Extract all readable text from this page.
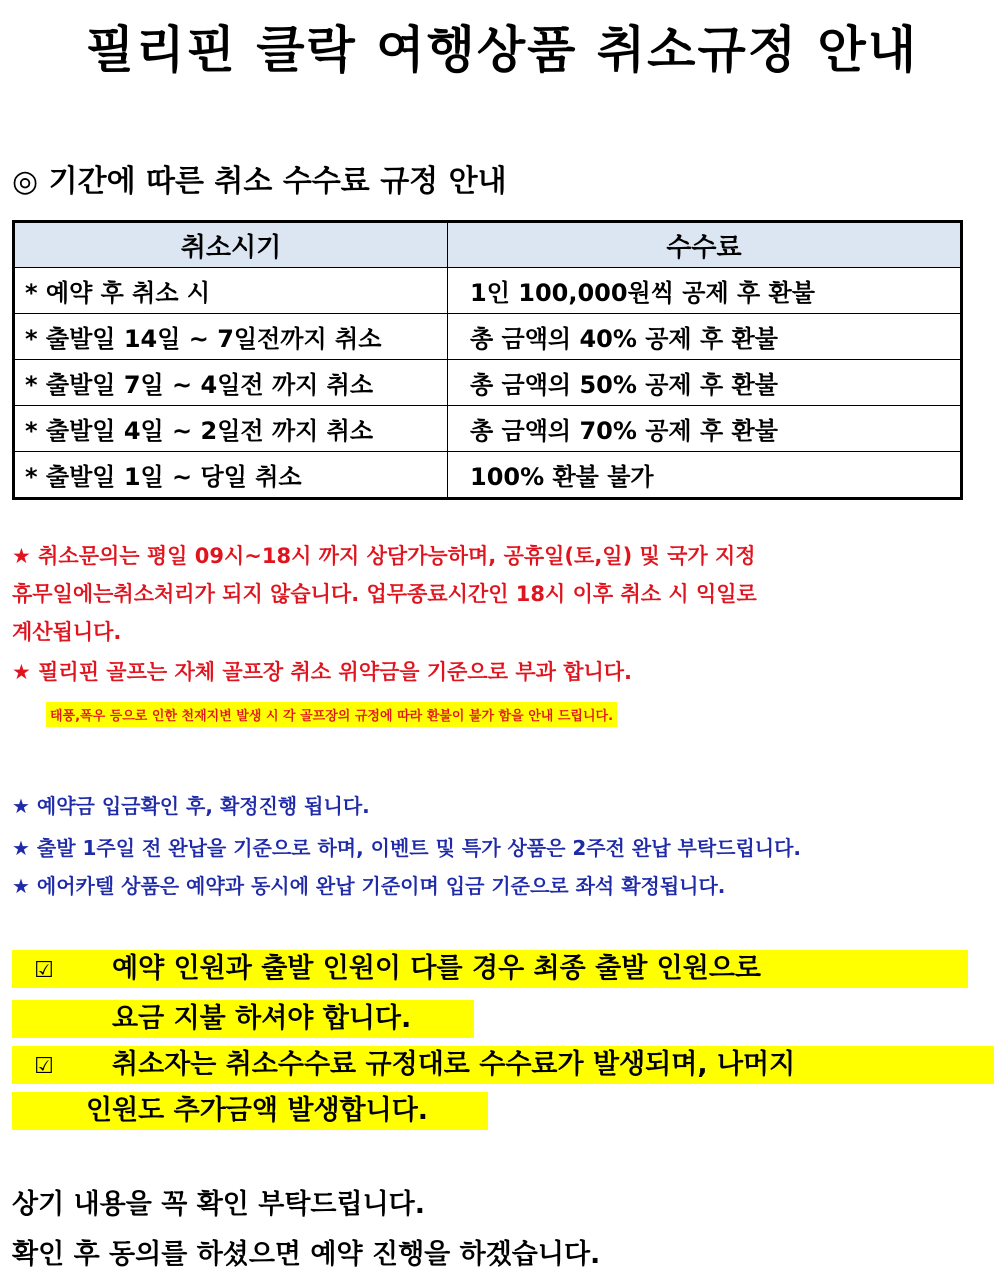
필리핀 클락 여행상품 취소규정 안내
◎ 기간에 따른 취소 수수료 규정 안내
취소시기	수수료
* 예약 후 취소 시	1인 100,000원씩 공제 후 환불
* 출발일 14일 ~ 7일전까지 취소	총 금액의 40% 공제 후 환불
* 출발일 7일 ~ 4일전 까지 취소	총 금액의 50% 공제 후 환불
* 출발일 4일 ~ 2일전 까지 취소	총 금액의 70% 공제 후 환불
* 출발일 1일 ~ 당일 취소	100% 환불 불가
★ 취소문의는 평일 09시~18시 까지 상담가능하며, 공휴일(토,일) 및 국가 지정
휴무일에는취소처리가 되지 않습니다. 업무종료시간인 18시 이후 취소 시 익일로
계산됩니다.
★ 필리핀 골프는 자체 골프장 취소 위약금을 기준으로 부과 합니다.
태풍,폭우 등으로 인한 천재지변 발생 시 각 골프장의 규정에 따라 환불이 불가 함을 안내 드립니다.
★ 예약금 입금확인 후, 확정진행 됩니다.
★ 출발 1주일 전 완납을 기준으로 하며, 이벤트 및 특가 상품은 2주전 완납 부탁드립니다.
★ 에어카텔 상품은 예약과 동시에 완납 기준이며 입금 기준으로 좌석 확정됩니다.
☑ 예약 인원과 출발 인원이 다를 경우 최종 출발 인원으로
요금 지불 하셔야 합니다.
☑ 취소자는 취소수수료 규정대로 수수료가 발생되며, 나머지
인원도 추가금액 발생합니다.
상기 내용을 꼭 확인 부탁드립니다.
확인 후 동의를 하셨으면 예약 진행을 하겠습니다.
